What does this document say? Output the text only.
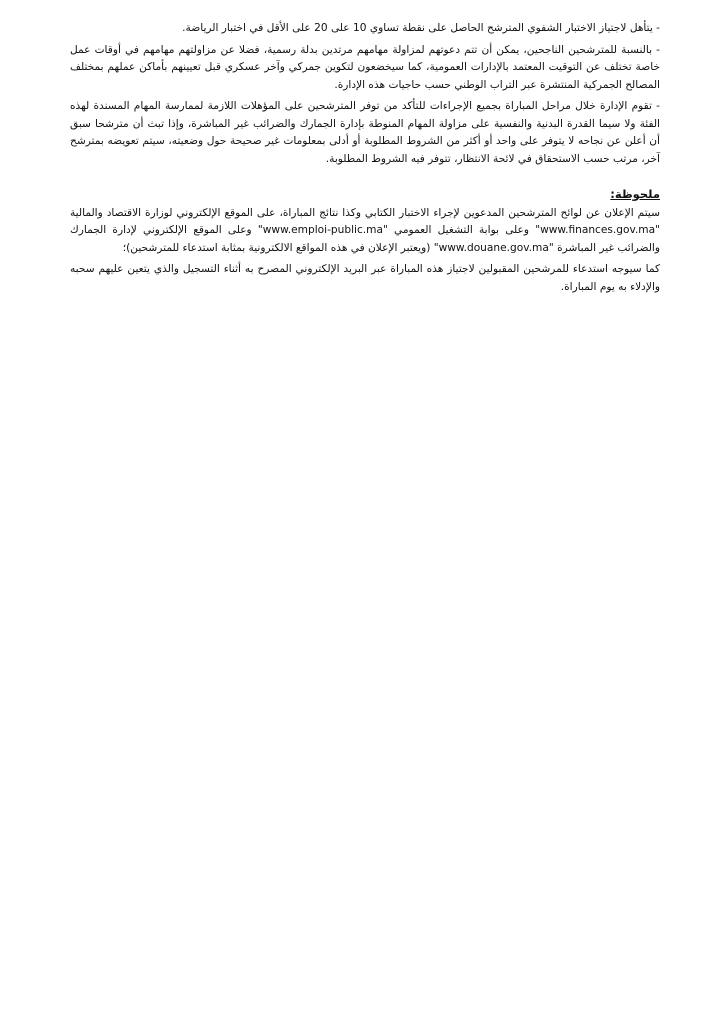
- يتأهل لاجتياز الاختبار الشفوي المترشح الحاصل على نقطة تساوي 10 على 20 على الأقل في اختبار الرياضة.

- بالنسبة للمترشحين الناجحين، يمكن أن تتم دعوتهم لمزاولة مهامهم مرتدين بدلة رسمية، فضلا عن مزاولتهم مهامهم في أوقات عمل خاصة تختلف عن التوقيت المعتمد بالإدارات العمومية، كما سيخضعون لتكوين جمركي وآخر عسكري قبل تعيينهم بأماكن عملهم بمختلف المصالح الجمركية المنتشرة عبر التراب الوطني حسب حاجيات هذه الإدارة.

- تقوم الإدارة خلال مراحل المباراة بجميع الإجراءات للتأكد من توفر المترشحين على المؤهلات اللازمة لممارسة المهام المسندة لهذه الفئة ولا سيما القدرة البدنية والنفسية على مزاولة المهام المنوطة بإدارة الجمارك والضرائب غير المباشرة، وإذا تبث أن مترشحا سبق أن أعلن عن نجاحه لا يتوفر على واحد أو أكثر من الشروط المطلوبة أو أدلى بمعلومات غير صحيحة حول وضعيته، سيتم تعويضه بمترشح آخر، مرتب حسب الاستحقاق في لائحة الانتظار، تتوفر فيه الشروط المطلوبة.

ملحوظة:

سيتم الإعلان عن لوائح المترشحين المدعوين لإجراء الاختبار الكتابي وكذا نتائج المباراة، على الموقع الإلكتروني لوزارة الاقتصاد والمالية "www.finances.gov.ma" وعلى بوابة التشغيل العمومي "www.emploi-public.ma" وعلى الموقع الإلكتروني لإدارة الجمارك والضرائب غير المباشرة "www.douane.gov.ma" (ويعتبر الإعلان في هذه المواقع الالكترونية بمثابة استدعاء للمترشحين)؛

كما سيوجه استدعاء للمرشحين المقبولين لاجتياز هذه المباراة عبر البريد الإلكتروني المصرح به أثناء التسجيل والذي يتعين عليهم سحبه والإدلاء به يوم المباراة.
